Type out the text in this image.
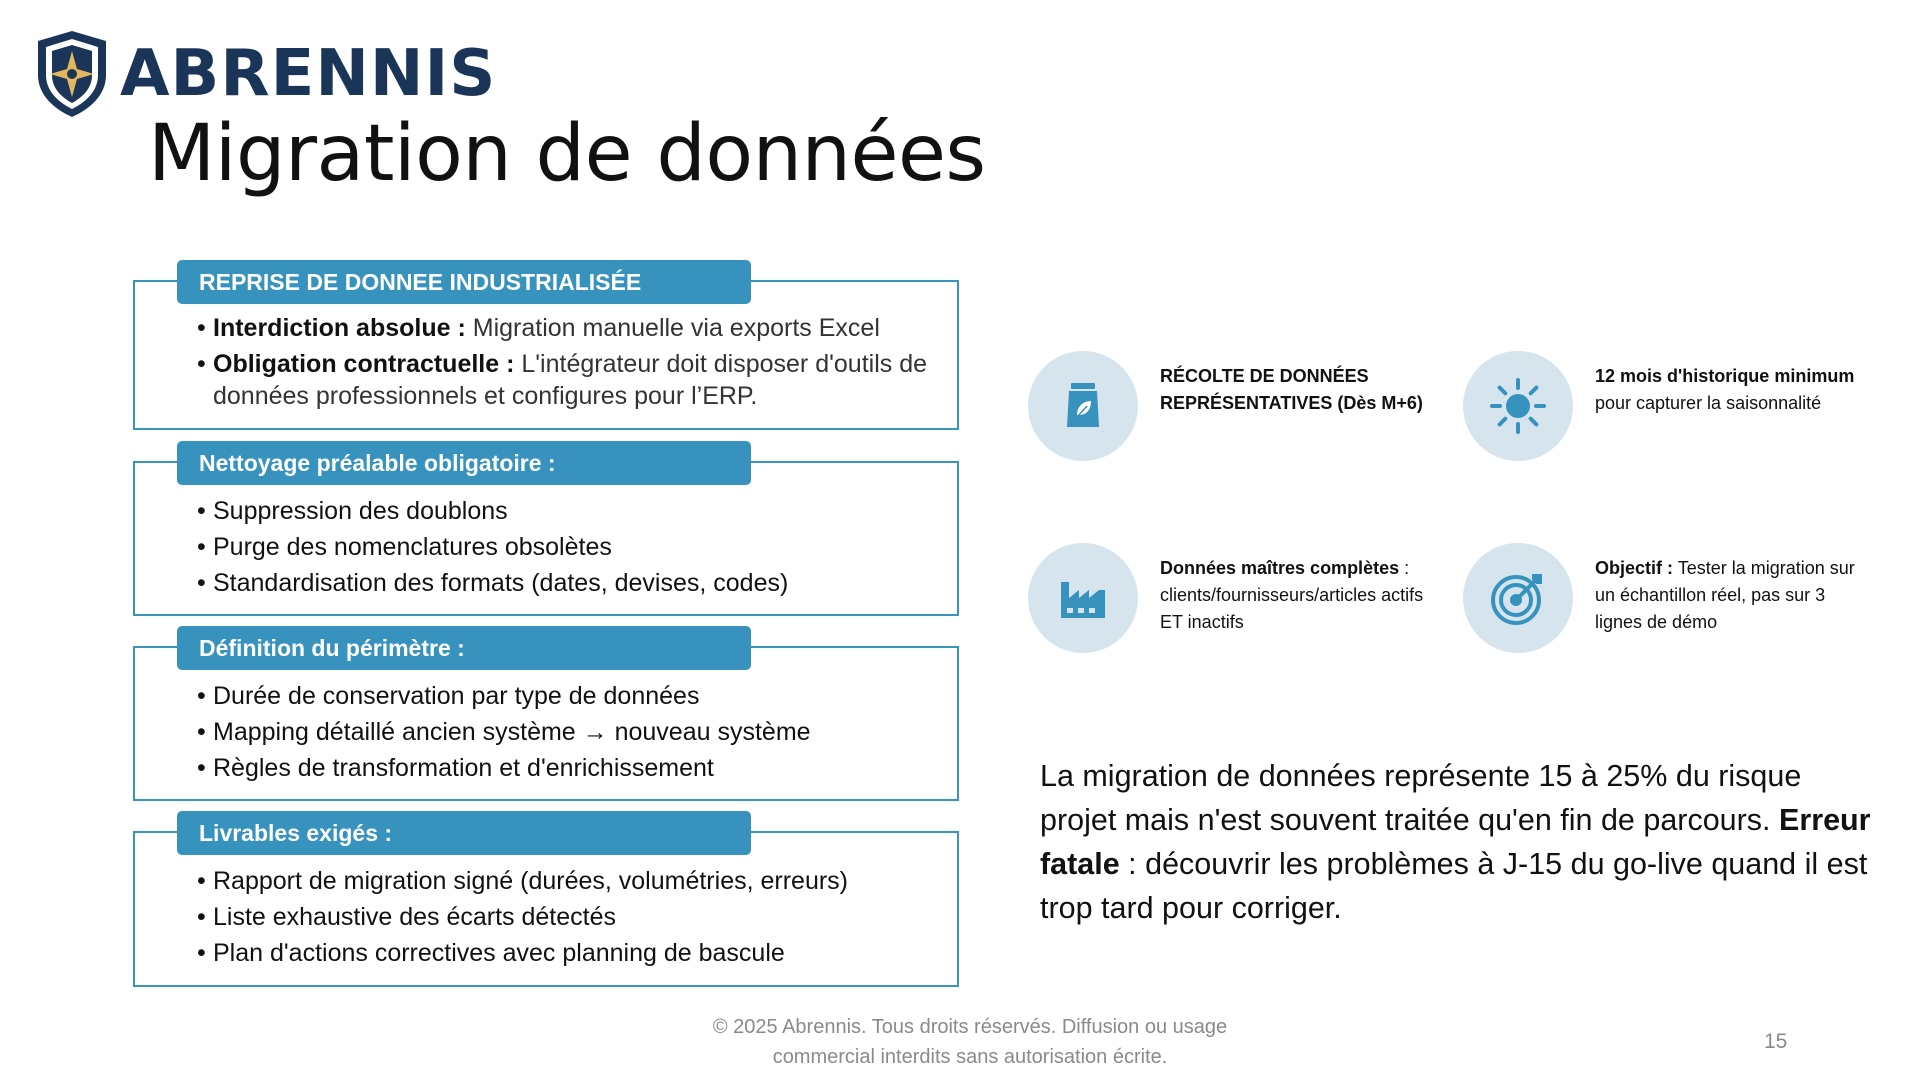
ABRENNIS
Migration de données
REPRISE DE DONNEE INDUSTRIALISÉE
• Interdiction absolue : Migration manuelle via exports Excel
• Obligation contractuelle : L'intégrateur doit disposer d'outils de données professionnels et configures pour l’ERP.
Nettoyage préalable obligatoire :
• Suppression des doublons
• Purge des nomenclatures obsolètes
• Standardisation des formats (dates, devises, codes)
Définition du périmètre :
• Durée de conservation par type de données
• Mapping détaillé ancien système → nouveau système
• Règles de transformation et d'enrichissement
Livrables exigés :
• Rapport de migration signé (durées, volumétries, erreurs)
• Liste exhaustive des écarts détectés
• Plan d'actions correctives avec planning de bascule
RÉCOLTE DE DONNÉES REPRÉSENTATIVES (Dès M+6)
12 mois d'historique minimum pour capturer la saisonnalité
Données maîtres complètes : clients/fournisseurs/articles actifs ET inactifs
Objectif : Tester la migration sur un échantillon réel, pas sur 3 lignes de démo
La migration de données représente 15 à 25% du risque projet mais n'est souvent traitée qu'en fin de parcours. Erreur fatale : découvrir les problèmes à J-15 du go-live quand il est trop tard pour corriger.
© 2025 Abrennis. Tous droits réservés. Diffusion ou usage
commercial interdits sans autorisation écrite.
15
